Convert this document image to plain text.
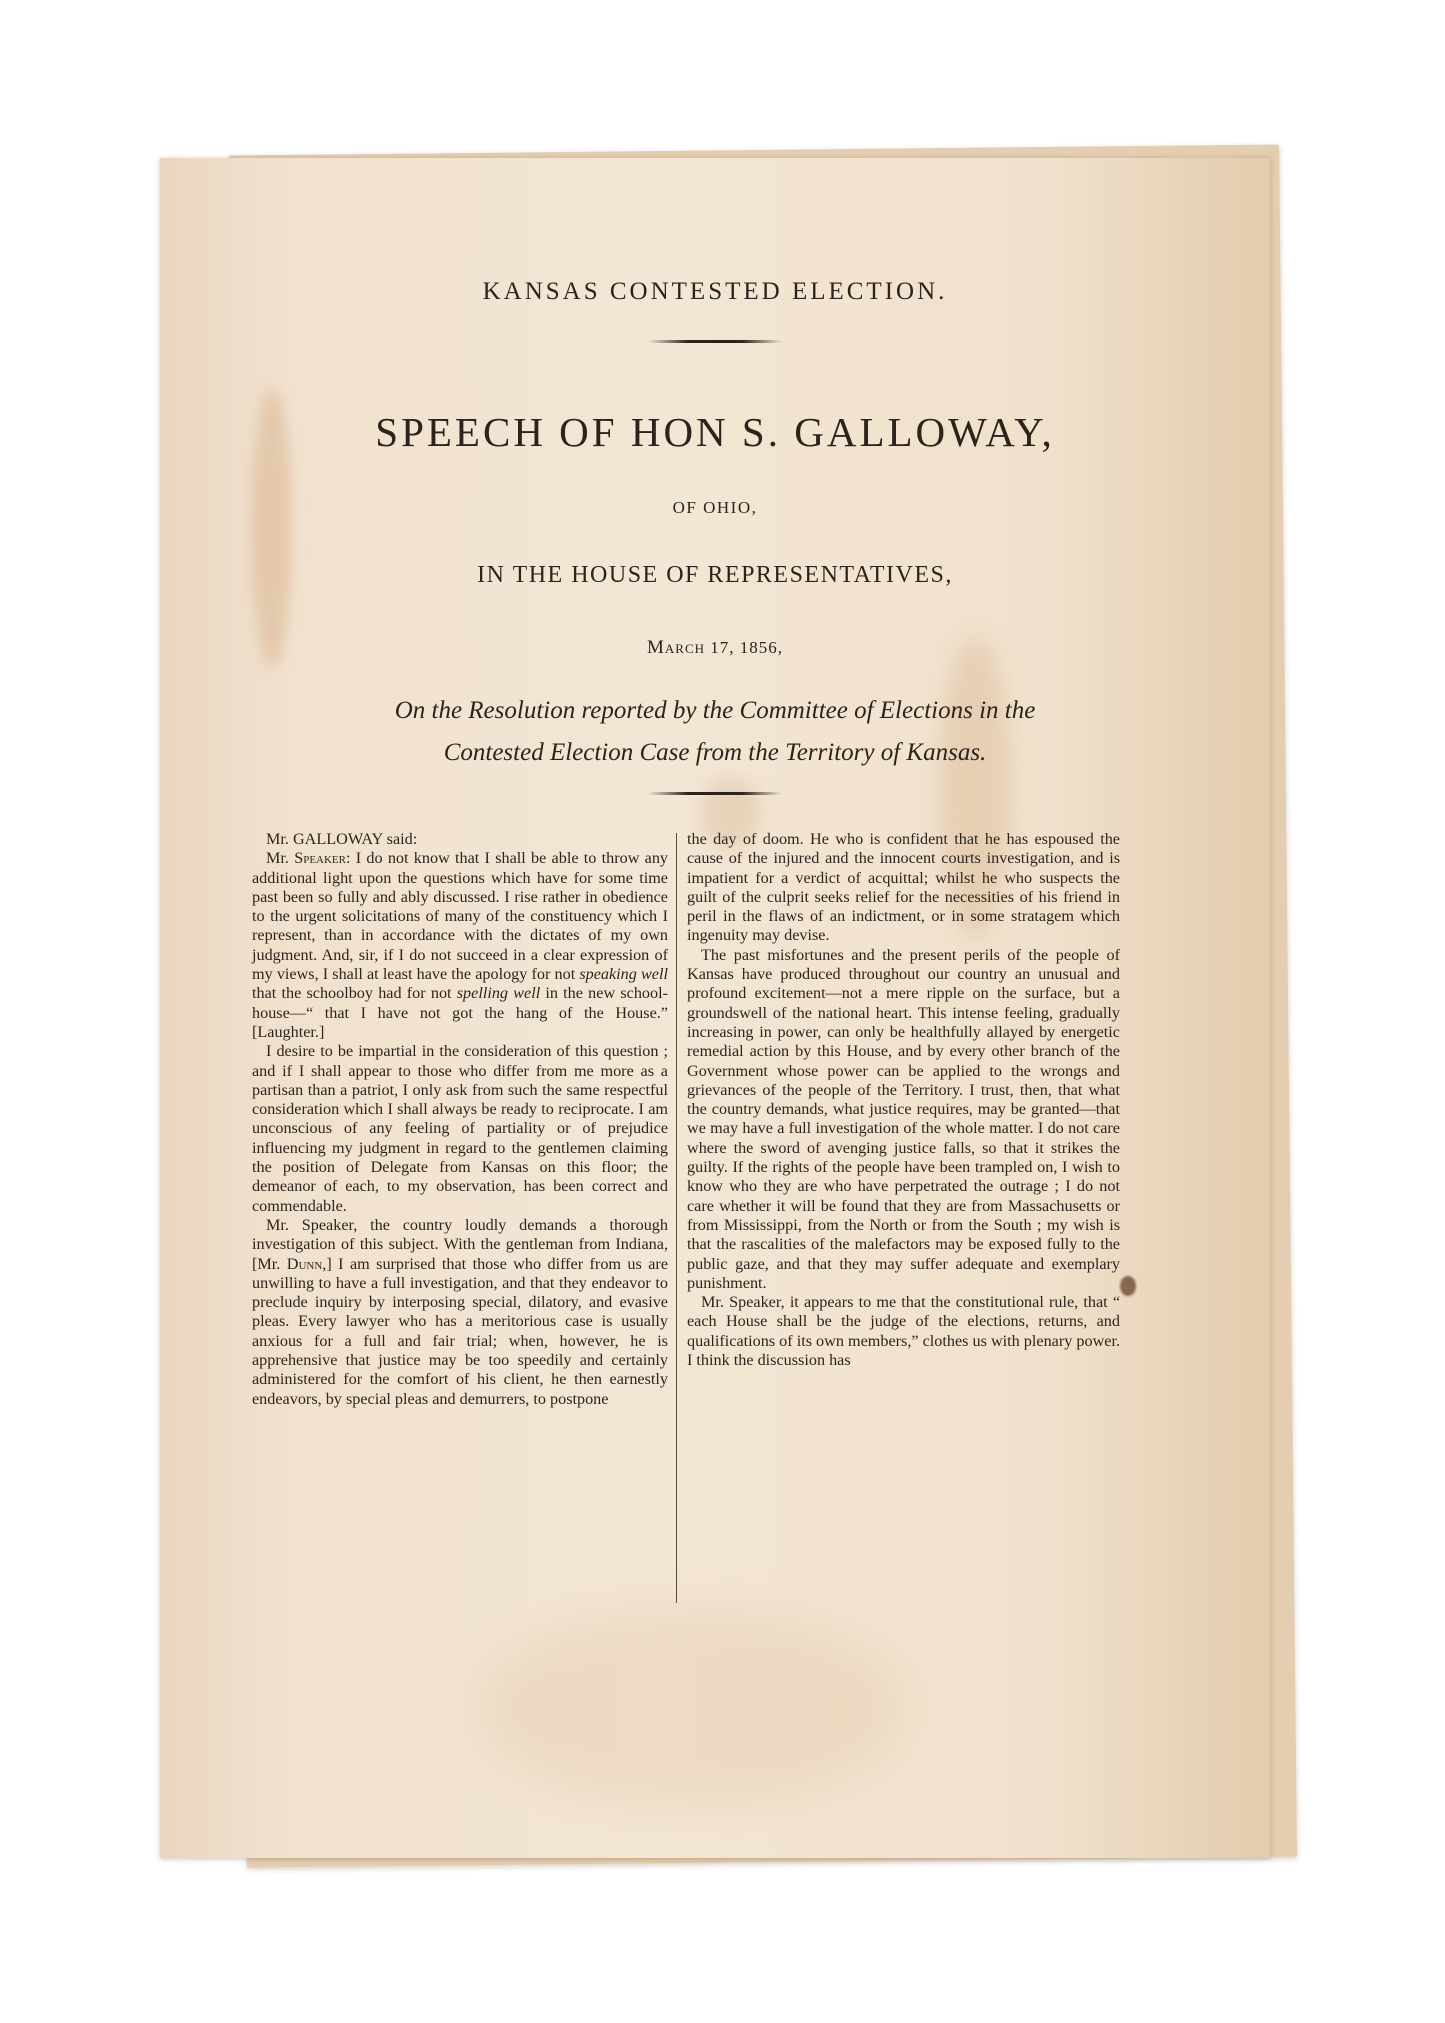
KANSAS CONTESTED ELECTION.
SPEECH OF HON S. GALLOWAY,
OF OHIO,
IN THE HOUSE OF REPRESENTATIVES,
March 17, 1856,
On the Resolution reported by the Committee of Elections in the
Contested Election Case from the Territory of Kansas.

Mr. GALLOWAY said:

Mr. Speaker: I do not know that I shall be able to throw any additional light upon the questions which have for some time past been so fully and ably discussed. I rise rather in obedience to the urgent solicitations of many of the constituency which I represent, than in accordance with the dictates of my own judgment. And, sir, if I do not succeed in a clear expression of my views, I shall at least have the apology for not speaking well that the schoolboy had for not spelling well in the new school-house—“ that I have not got the hang of the House.” [Laughter.]

I desire to be impartial in the consideration of this question ; and if I shall appear to those who differ from me more as a partisan than a patriot, I only ask from such the same respectful consideration which I shall always be ready to reciprocate. I am unconscious of any feeling of partiality or of prejudice influencing my judgment in regard to the gentlemen claiming the position of Delegate from Kansas on this floor; the demeanor of each, to my observation, has been correct and commendable.

Mr. Speaker, the country loudly demands a thorough investigation of this subject. With the gentleman from Indiana, [Mr. Dunn,] I am surprised that those who differ from us are unwilling to have a full investigation, and that they endeavor to preclude inquiry by interposing special, dilatory, and evasive pleas. Every lawyer who has a meritorious case is usually anxious for a full and fair trial; when, however, he is apprehensive that justice may be too speedily and certainly administered for the comfort of his client, he then earnestly endeavors, by special pleas and demurrers, to postpone

the day of doom. He who is confident that he has espoused the cause of the injured and the innocent courts investigation, and is impatient for a verdict of acquittal; whilst he who suspects the guilt of the culprit seeks relief for the necessities of his friend in peril in the flaws of an indictment, or in some stratagem which ingenuity may devise.

The past misfortunes and the present perils of the people of Kansas have produced throughout our country an unusual and profound excitement—not a mere ripple on the surface, but a groundswell of the national heart. This intense feeling, gradually increasing in power, can only be healthfully allayed by energetic remedial action by this House, and by every other branch of the Government whose power can be applied to the wrongs and grievances of the people of the Territory. I trust, then, that what the country demands, what justice requires, may be granted—that we may have a full investigation of the whole matter. I do not care where the sword of avenging justice falls, so that it strikes the guilty. If the rights of the people have been trampled on, I wish to know who they are who have perpetrated the outrage ; I do not care whether it will be found that they are from Massachusetts or from Mississippi, from the North or from the South ; my wish is that the rascalities of the malefactors may be exposed fully to the public gaze, and that they may suffer adequate and exemplary punishment.

Mr. Speaker, it appears to me that the constitutional rule, that “ each House shall be the judge of the elections, returns, and qualifications of its own members,” clothes us with plenary power. I think the discussion has
